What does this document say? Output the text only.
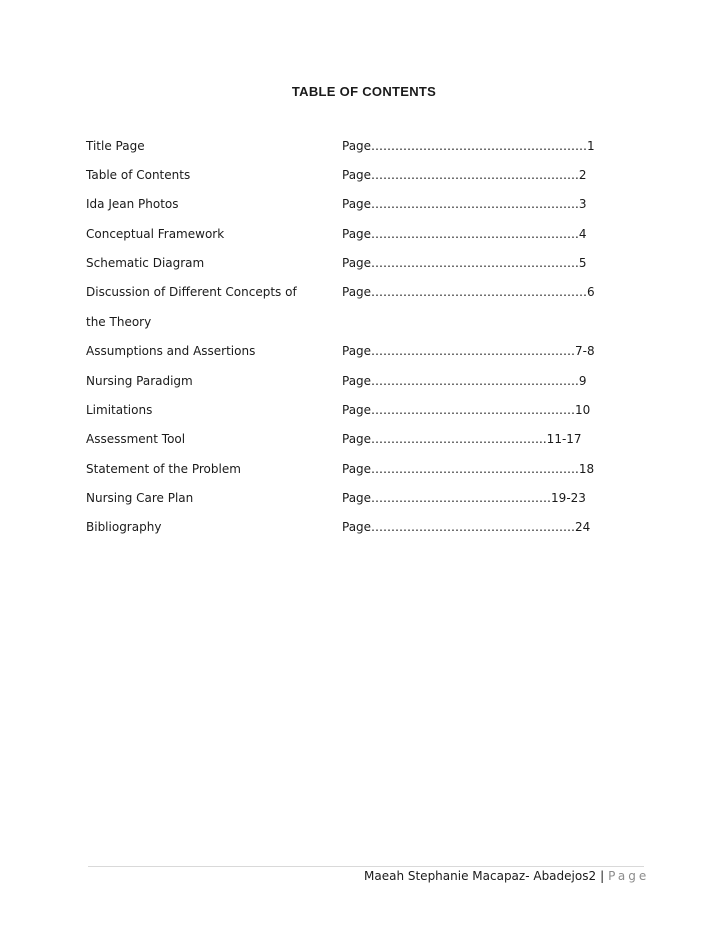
TABLE OF CONTENTS
Title Page	Page………………………………………………1
Table of Contents	Page…………………………………………….2
Ida Jean Photos	Page…………………………………………….3
Conceptual Framework	Page…………………………………………….4
Schematic Diagram	Page…………………………………………….5
Discussion of Different Concepts of	Page………………………………………………6
the Theory
Assumptions and Assertions	Page……………………………………………7-8
Nursing Paradigm	Page…………………………………………….9
Limitations	Page……………………………………………10
Assessment Tool	Page……………………………………..11-17
Statement of the Problem	Page…………………………………………….18
Nursing Care Plan	Page………………………………………19-23
Bibliography	Page……………………………………………24
Maeah Stephanie Macapaz- Abadejos2 | Page
